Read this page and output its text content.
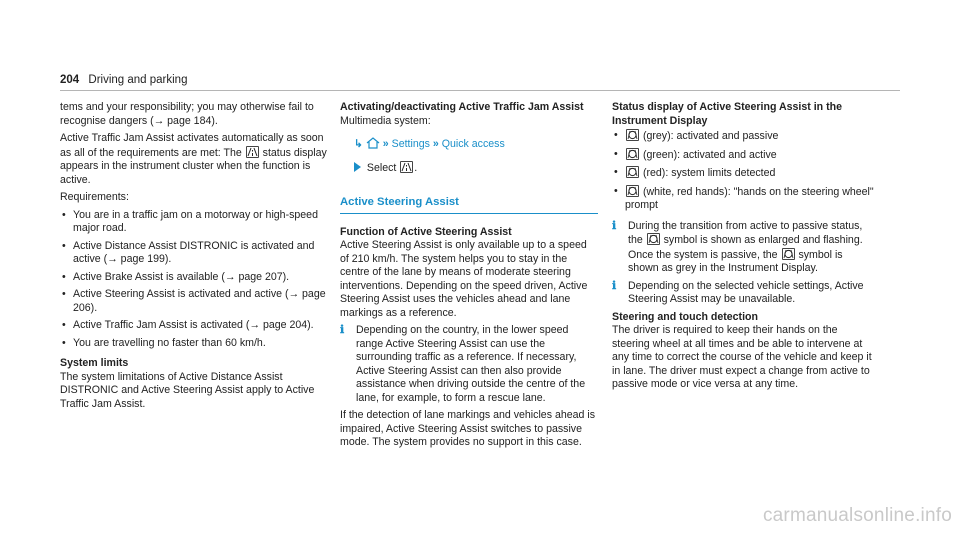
204 Driving and parking

tems and your responsibility; you may otherwise fail to recognise dangers (→ page 184).

Active Traffic Jam Assist activates automatically as soon as all of the requirements are met: The
status display appears in the instrument cluster when the function is active.

Requirements:

• You are in a traffic jam on a motorway or high-speed major road.

• Active Distance Assist DISTRONIC is activated and active (→ page 199).

• Active Brake Assist is available (→ page 207).

• Active Steering Assist is activated and active (→ page 206).

• Active Traffic Jam Assist is activated (→ page 204).

• You are travelling no faster than 60 km/h.

System limits

The system limitations of Active Distance Assist DISTRONIC and Active Steering Assist apply to Active Traffic Jam Assist.

Activating/deactivating Active Traffic Jam Assist

Multimedia system:

↳ » Settings » Quick access
Select .
Active Steering Assist

Function of Active Steering Assist

Active Steering Assist is only available up to a speed of 210 km/h. The system helps you to stay in the centre of the lane by means of moderate steering interventions. Depending on the speed driven, Active Steering Assist uses the vehicles ahead and lane markings as a reference.

ℹ Depending on the country, in the lower speed range Active Steering Assist can use the surrounding traffic as a reference. If necessary, Active Steering Assist can then also provide assistance when driving outside the centre of the lane, for example, to form a rescue lane.

If the detection of lane markings and vehicles ahead is impaired, Active Steering Assist switches to passive mode. The system provides no support in this case.

Status display of Active Steering Assist in the Instrument Display

• (grey): activated and passive

• (green): activated and active

• (red): system limits detected

• (white, red hands): "hands on the steering wheel" prompt

ℹ During the transition from active to passive status, the
symbol is shown as enlarged and flashing. Once the system is passive, the
symbol is shown as grey in the Instrument Display.

ℹ Depending on the selected vehicle settings, Active Steering Assist may be unavailable.

Steering and touch detection

The driver is required to keep their hands on the steering wheel at all times and be able to intervene at any time to correct the course of the vehicle and keep it in lane. The driver must expect a change from active to passive mode or vice versa at any time.

carmanualsonline.info
